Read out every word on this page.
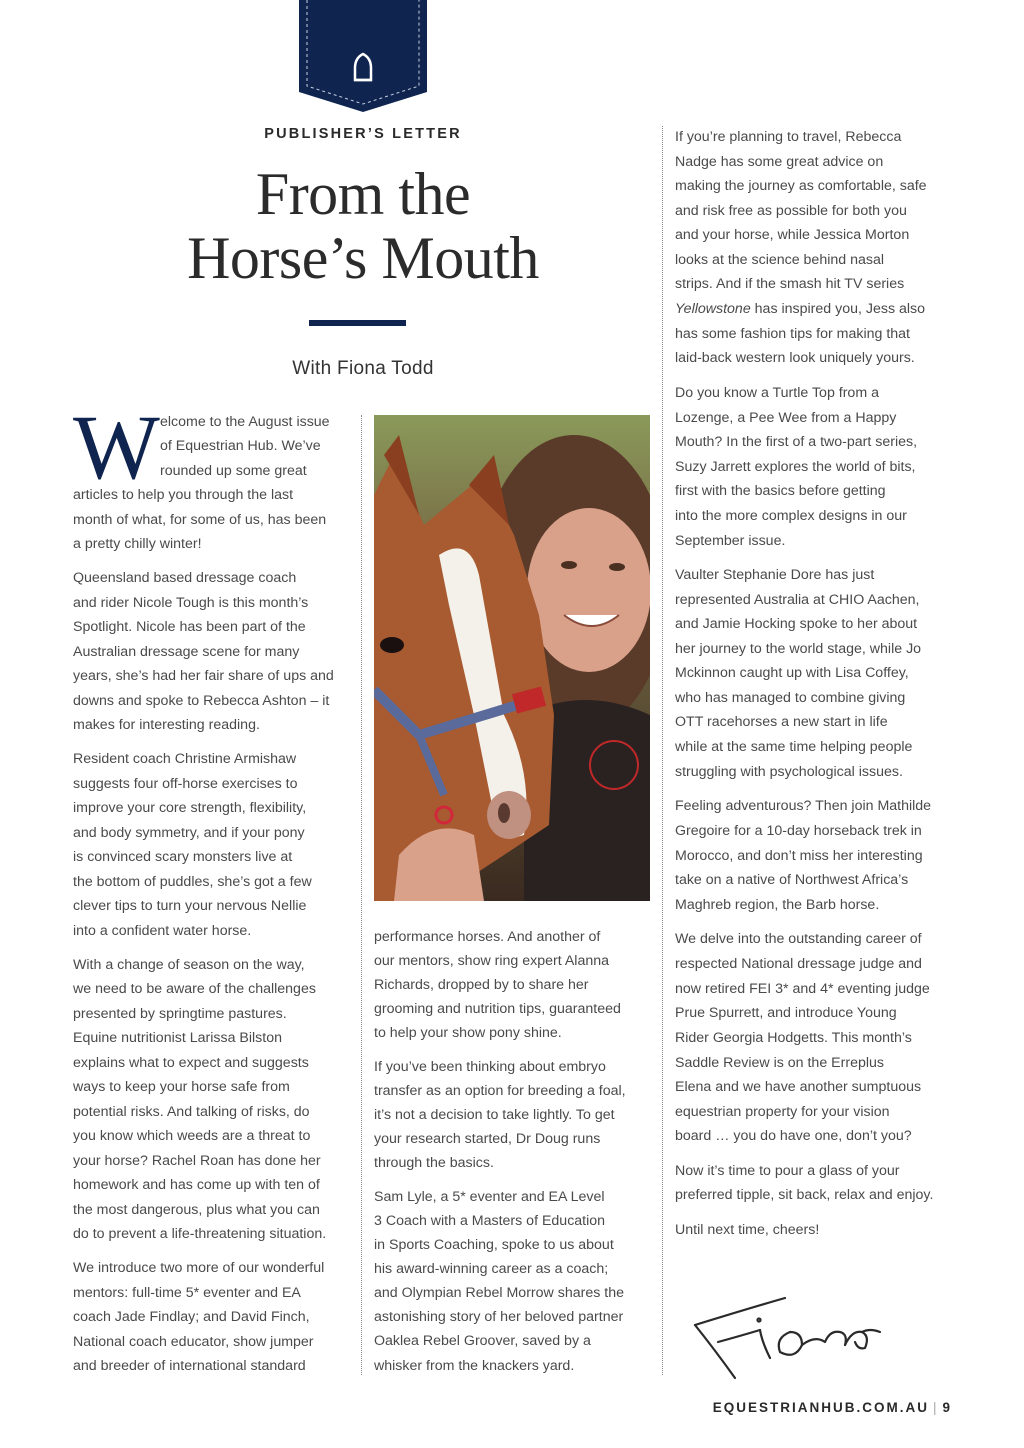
PUBLISHER’S LETTER
From the
Horse’s Mouth
With Fiona Todd
W elcome to the August issue
of Equestrian Hub. We’ve
rounded up some great
articles to help you through the last
month of what, for some of us, has been
a pretty chilly winter!
Queensland based dressage coach
and rider Nicole Tough is this month’s
Spotlight. Nicole has been part of the
Australian dressage scene for many
years, she’s had her fair share of ups and
downs and spoke to Rebecca Ashton – it
makes for interesting reading.
Resident coach Christine Armishaw
suggests four off-horse exercises to
improve your core strength, flexibility,
and body symmetry, and if your pony
is convinced scary monsters live at
the bottom of puddles, she’s got a few
clever tips to turn your nervous Nellie
into a confident water horse.
With a change of season on the way,
we need to be aware of the challenges
presented by springtime pastures.
Equine nutritionist Larissa Bilston
explains what to expect and suggests
ways to keep your horse safe from
potential risks. And talking of risks, do
you know which weeds are a threat to
your horse? Rachel Roan has done her
homework and has come up with ten of
the most dangerous, plus what you can
do to prevent a life-threatening situation.
We introduce two more of our wonderful
mentors: full-time 5* eventer and EA
coach Jade Findlay; and David Finch,
National coach educator, show jumper
and breeder of international standard
performance horses. And another of
our mentors, show ring expert Alanna
Richards, dropped by to share her
grooming and nutrition tips, guaranteed
to help your show pony shine.
If you’ve been thinking about embryo
transfer as an option for breeding a foal,
it’s not a decision to take lightly. To get
your research started, Dr Doug runs
through the basics.
Sam Lyle, a 5* eventer and EA Level
3 Coach with a Masters of Education
in Sports Coaching, spoke to us about
his award-winning career as a coach;
and Olympian Rebel Morrow shares the
astonishing story of her beloved partner
Oaklea Rebel Groover, saved by a
whisker from the knackers yard.
If you’re planning to travel, Rebecca
Nadge has some great advice on
making the journey as comfortable, safe
and risk free as possible for both you
and your horse, while Jessica Morton
looks at the science behind nasal
strips. And if the smash hit TV series
Yellowstone has inspired you, Jess also
has some fashion tips for making that
laid-back western look uniquely yours.
Do you know a Turtle Top from a
Lozenge, a Pee Wee from a Happy
Mouth? In the first of a two-part series,
Suzy Jarrett explores the world of bits,
first with the basics before getting
into the more complex designs in our
September issue.
Vaulter Stephanie Dore has just
represented Australia at CHIO Aachen,
and Jamie Hocking spoke to her about
her journey to the world stage, while Jo
Mckinnon caught up with Lisa Coffey,
who has managed to combine giving
OTT racehorses a new start in life
while at the same time helping people
struggling with psychological issues.
Feeling adventurous? Then join Mathilde
Gregoire for a 10-day horseback trek in
Morocco, and don’t miss her interesting
take on a native of Northwest Africa’s
Maghreb region, the Barb horse.
We delve into the outstanding career of
respected National dressage judge and
now retired FEI 3* and 4* eventing judge
Prue Spurrett, and introduce Young
Rider Georgia Hodgetts. This month’s
Saddle Review is on the Erreplus
Elena and we have another sumptuous
equestrian property for your vision
board … you do have one, don’t you?
Now it’s time to pour a glass of your
preferred tipple, sit back, relax and enjoy.
Until next time, cheers!
EQUESTRIANHUB.COM.AU | 9
